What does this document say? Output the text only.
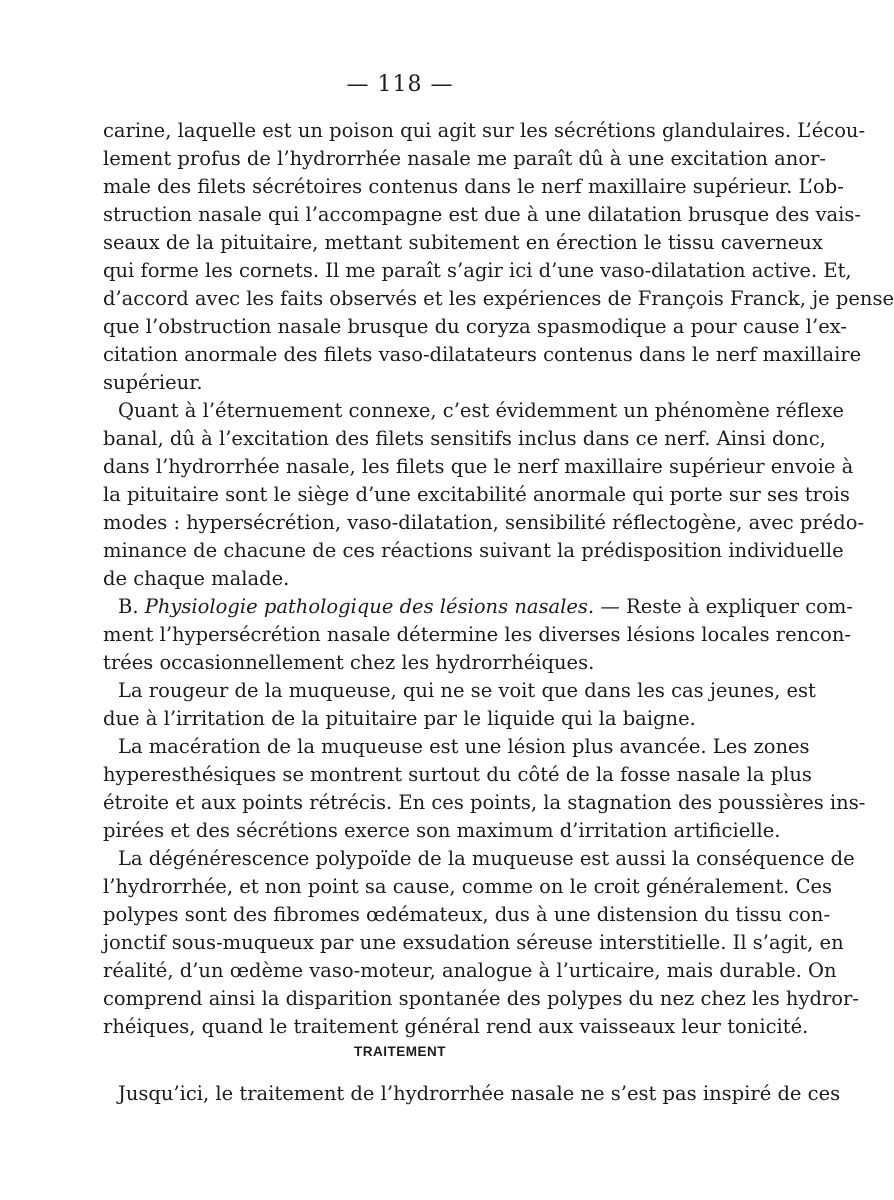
— 118 —
carine, laquelle est un poison qui agit sur les sécrétions glandulaires. L’écou-
lement profus de l’hydrorrhée nasale me paraît dû à une excitation anor-
male des filets sécrétoires contenus dans le nerf maxillaire supérieur. L’ob-
struction nasale qui l’accompagne est due à une dilatation brusque des vais-
seaux de la pituitaire, mettant subitement en érection le tissu caverneux
qui forme les cornets. Il me paraît s’agir ici d’une vaso-dilatation active. Et,
d’accord avec les faits observés et les expériences de François Franck, je pense
que l’obstruction nasale brusque du coryza spasmodique a pour cause l’ex-
citation anormale des filets vaso-dilatateurs contenus dans le nerf maxillaire
supérieur.
Quant à l’éternuement connexe, c’est évidemment un phénomène réflexe
banal, dû à l’excitation des filets sensitifs inclus dans ce nerf. Ainsi donc,
dans l’hydrorrhée nasale, les filets que le nerf maxillaire supérieur envoie à
la pituitaire sont le siège d’une excitabilité anormale qui porte sur ses trois
modes : hypersécrétion, vaso-dilatation, sensibilité réflectogène, avec prédo-
minance de chacune de ces réactions suivant la prédisposition individuelle
de chaque malade.
B. Physiologie pathologique des lésions nasales. — Reste à expliquer com-
ment l’hypersécrétion nasale détermine les diverses lésions locales rencon-
trées occasionnellement chez les hydrorrhéiques.
La rougeur de la muqueuse, qui ne se voit que dans les cas jeunes, est
due à l’irritation de la pituitaire par le liquide qui la baigne.
La macération de la muqueuse est une lésion plus avancée. Les zones
hyperesthésiques se montrent surtout du côté de la fosse nasale la plus
étroite et aux points rétrécis. En ces points, la stagnation des poussières ins-
pirées et des sécrétions exerce son maximum d’irritation artificielle.
La dégénérescence polypoïde de la muqueuse est aussi la conséquence de
l’hydrorrhée, et non point sa cause, comme on le croit généralement. Ces
polypes sont des fibromes œdémateux, dus à une distension du tissu con-
jonctif sous-muqueux par une exsudation séreuse interstitielle. Il s’agit, en
réalité, d’un œdème vaso-moteur, analogue à l’urticaire, mais durable. On
comprend ainsi la disparition spontanée des polypes du nez chez les hydror-
rhéiques, quand le traitement général rend aux vaisseaux leur tonicité.
TRAITEMENT
Jusqu’ici, le traitement de l’hydrorrhée nasale ne s’est pas inspiré de ces
